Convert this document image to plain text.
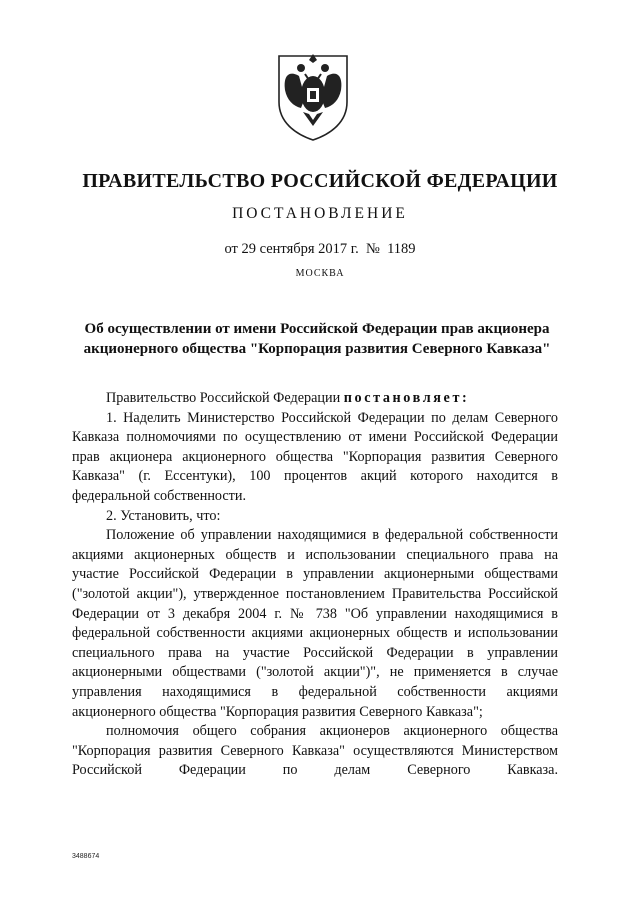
ПРАВИТЕЛЬСТВО РОССИЙСКОЙ ФЕДЕРАЦИИ
ПОСТАНОВЛЕНИЕ
от 29 сентября 2017 г. № 1189
МОСКВА
Об осуществлении от имени Российской Федерации прав акционера акционерного общества "Корпорация развития Северного Кавказа"

Правительство Российской Федерации постановляет:

1. Наделить Министерство Российской Федерации по делам Северного Кавказа полномочиями по осуществлению от имени Российской Федерации прав акционера акционерного общества "Корпорация развития Северного Кавказа" (г. Ессентуки), 100 процентов акций которого находится в федеральной собственности.

2. Установить, что:

Положение об управлении находящимися в федеральной собственности акциями акционерных обществ и использовании специального права на участие Российской Федерации в управлении акционерными обществами ("золотой акции"), утвержденное постановлением Правительства Российской Федерации от 3 декабря 2004 г. № 738 "Об управлении находящимися в федеральной собственности акциями акционерных обществ и использовании специального права на участие Российской Федерации в управлении акционерными обществами ("золотой акции")", не применяется в случае управления находящимися в федеральной собственности акциями акционерного общества "Корпорация развития Северного Кавказа";

полномочия общего собрания акционеров акционерного общества "Корпорация развития Северного Кавказа" осуществляются Министерством Российской Федерации по делам Северного Кавказа.

3488674
